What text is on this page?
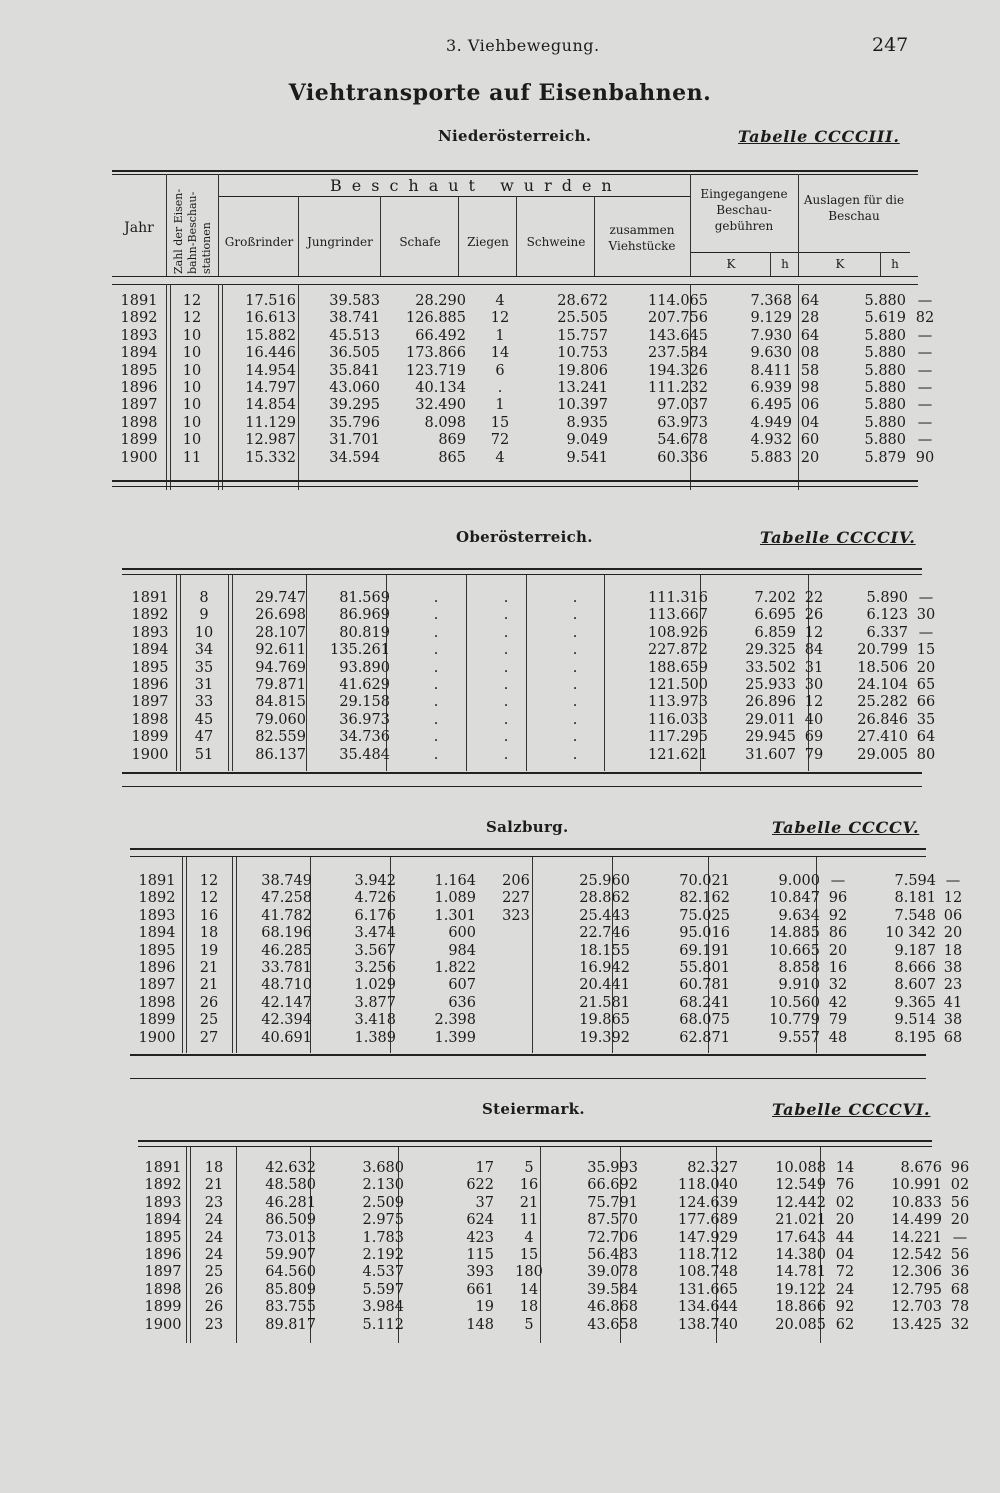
3. Viehbewegung.	247
Viehtransporte auf Eisenbahnen.
Niederösterreich.	Tabelle CCCCIII.
Jahr	Zahl der Eisen-bahn-Beschau-stationen
Beschaut wurden
Großrinder	Jungrinder	Schafe	Ziegen	Schweine
zusammen Viehstücke
Eingegangene Beschau-gebühren
Auslagen für die Beschau
K	h	K	h
1891	12	17.516	39.583	28.290	4	28.672	114.065	7.368	64	5.880	—
1892	12	16.613	38.741	126.885	12	25.505	207.756	9.129	28	5.619	82
1893	10	15.882	45.513	66.492	1	15.757	143.645	7.930	64	5.880	—
1894	10	16.446	36.505	173.866	14	10.753	237.584	9.630	08	5.880	—
1895	10	14.954	35.841	123.719	6	19.806	194.326	8.411	58	5.880	—
1896	10	14.797	43.060	40.134	.	13.241	111.232	6.939	98	5.880	—
1897	10	14.854	39.295	32.490	1	10.397	97.037	6.495	06	5.880	—
1898	10	11.129	35.796	8.098	15	8.935	63.973	4.949	04	5.880	—
1899	10	12.987	31.701	869	72	9.049	54.678	4.932	60	5.880	—
1900	11	15.332	34.594	865	4	9.541	60.336	5.883	20	5.879	90
Oberösterreich.	Tabelle CCCCIV.
1891	8	29.747	81.569	.	.	.	111.316	7.202	22	5.890	—
1892	9	26.698	86.969	.	.	.	113.667	6.695	26	6.123	30
1893	10	28.107	80.819	.	.	.	108.926	6.859	12	6.337	—
1894	34	92.611	135.261	.	.	.	227.872	29.325	84	20.799	15
1895	35	94.769	93.890	.	.	.	188.659	33.502	31	18.506	20
1896	31	79.871	41.629	.	.	.	121.500	25.933	30	24.104	65
1897	33	84.815	29.158	.	.	.	113.973	26.896	12	25.282	66
1898	45	79.060	36.973	.	.	.	116.033	29.011	40	26.846	35
1899	47	82.559	34.736	.	.	.	117.295	29.945	69	27.410	64
1900	51	86.137	35.484	.	.	.	121.621	31.607	79	29.005	80
Salzburg.	Tabelle CCCCV.
1891	12	38.749	3.942	1.164	206	25.960	70.021	9.000	—	7.594	—
1892	12	47.258	4.726	1.089	227	28.862	82.162	10.847	96	8.181	12
1893	16	41.782	6.176	1.301	323	25.443	75.025	9.634	92	7.548	06
1894	18	68.196	3.474	600		22.746	95.016	14.885	86	10 342	20
1895	19	46.285	3.567	984		18.155	69.191	10.665	20	9.187	18
1896	21	33.781	3.256	1.822		16.942	55.801	8.858	16	8.666	38
1897	21	48.710	1.029	607		20.441	60.781	9.910	32	8.607	23
1898	26	42.147	3.877	636		21.581	68.241	10.560	42	9.365	41
1899	25	42.394	3.418	2.398		19.865	68.075	10.779	79	9.514	38
1900	27	40.691	1.389	1.399		19.392	62.871	9.557	48	8.195	68
Steiermark.	Tabelle CCCCVI.
1891	18	42.632	3.680	17	5	35.993	82.327	10.088	14	8.676	96
1892	21	48.580	2.130	622	16	66.692	118.040	12.549	76	10.991	02
1893	23	46.281	2.509	37	21	75.791	124.639	12.442	02	10.833	56
1894	24	86.509	2.975	624	11	87.570	177.689	21.021	20	14.499	20
1895	24	73.013	1.783	423	4	72.706	147.929	17.643	44	14.221	—
1896	24	59.907	2.192	115	15	56.483	118.712	14.380	04	12.542	56
1897	25	64.560	4.537	393	180	39.078	108.748	14.781	72	12.306	36
1898	26	85.809	5.597	661	14	39.584	131.665	19.122	24	12.795	68
1899	26	83.755	3.984	19	18	46.868	134.644	18.866	92	12.703	78
1900	23	89.817	5.112	148	5	43.658	138.740	20.085	62	13.425	32
